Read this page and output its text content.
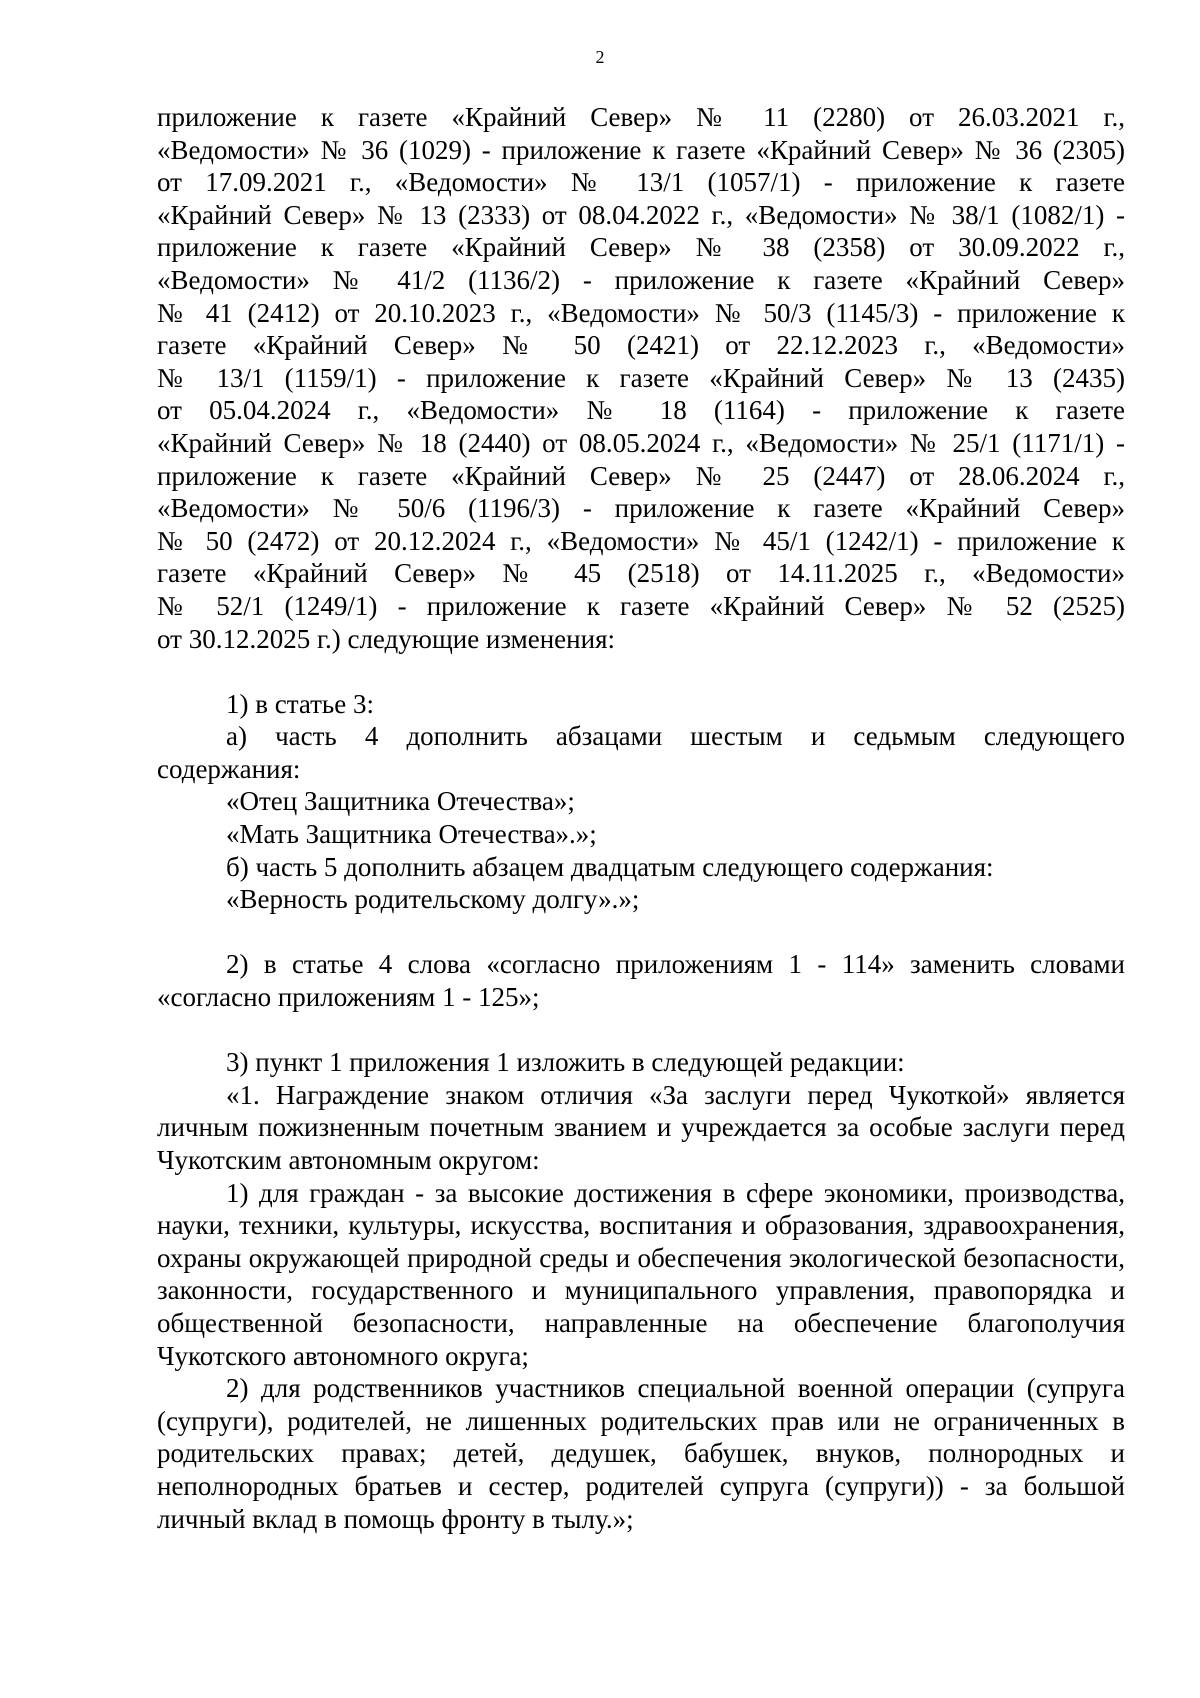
2

приложение к газете «Крайний Север» № 11 (2280) от 26.03.2021 г.,

«Ведомости» № 36 (1029) - приложение к газете «Крайний Север» № 36 (2305)

от 17.09.2021 г., «Ведомости» № 13/1 (1057/1) - приложение к газете

«Крайний Север» № 13 (2333) от 08.04.2022 г., «Ведомости» № 38/1 (1082/1) -

приложение к газете «Крайний Север» № 38 (2358) от 30.09.2022 г.,

«Ведомости» № 41/2 (1136/2) - приложение к газете «Крайний Север»

№ 41 (2412) от 20.10.2023 г., «Ведомости» № 50/3 (1145/3) - приложение к

газете «Крайний Север» № 50 (2421) от 22.12.2023 г., «Ведомости»

№ 13/1 (1159/1) - приложение к газете «Крайний Север» № 13 (2435)

от 05.04.2024 г., «Ведомости» № 18 (1164) - приложение к газете

«Крайний Север» № 18 (2440) от 08.05.2024 г., «Ведомости» № 25/1 (1171/1) -

приложение к газете «Крайний Север» № 25 (2447) от 28.06.2024 г.,

«Ведомости» № 50/6 (1196/3) - приложение к газете «Крайний Север»

№ 50 (2472) от 20.12.2024 г., «Ведомости» № 45/1 (1242/1) - приложение к

газете «Крайний Север» № 45 (2518) от 14.11.2025 г., «Ведомости»

№ 52/1 (1249/1) - приложение к газете «Крайний Север» № 52 (2525)

от 30.12.2025 г.) следующие изменения:

1) в статье 3:

а) часть 4 дополнить абзацами шестым и седьмым следующего

содержания:

«Отец Защитника Отечества»;

«Мать Защитника Отечества».»;

б) часть 5 дополнить абзацем двадцатым следующего содержания:

«Верность родительскому долгу».»;

2) в статье 4 слова «согласно приложениям 1 - 114» заменить словами

«согласно приложениям 1 - 125»;

3) пункт 1 приложения 1 изложить в следующей редакции:

«1. Награждение знаком отличия «За заслуги перед Чукоткой» является личным пожизненным почетным званием и учреждается за особые заслуги перед Чукотским автономным округом:

1) для граждан - за высокие достижения в сфере экономики, производства, науки, техники, культуры, искусства, воспитания и образования, здравоохранения, охраны окружающей природной среды и обеспечения экологической безопасности, законности, государственного и муниципального управления, правопорядка и общественной безопасности, направленные на обеспечение благополучия Чукотского автономного округа;

2) для родственников участников специальной военной операции (супруга (супруги), родителей, не лишенных родительских прав или не ограниченных в родительских правах; детей, дедушек, бабушек, внуков, полнородных и неполнородных братьев и сестер, родителей супруга (супруги)) - за большой личный вклад в помощь фронту в тылу.»;
